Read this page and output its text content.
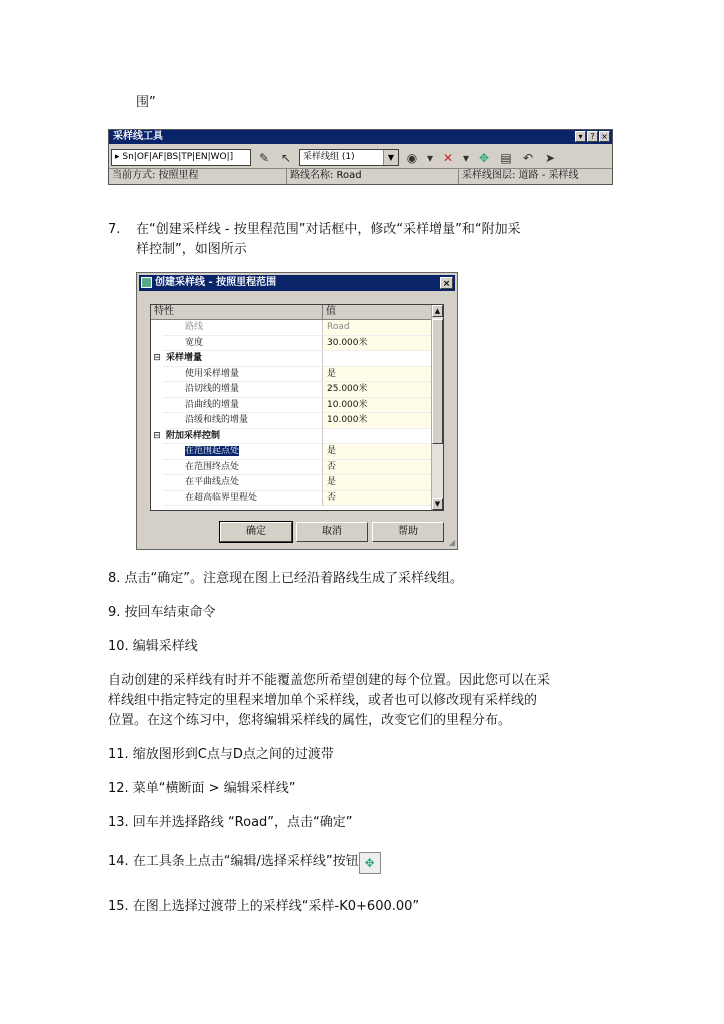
围”
采样线工具	▾ ? ×
▸ Sn|OF|AF|BS|TP|EN|WO|]	✎ ↖	采样线组 (1)	▼	◉ ▾ ✕ ▾ ✥ ▤ ↶ ➤
当前方式: 按照里程	路线名称: Road	采样线图层: 道路 - 采样线
7. 在“创建采样线 - 按里程范围”对话框中，修改“采样增量”和“附加采
样控制”，如图所示
创建采样线 - 按照里程范围	×
特性	值
路线	Road
宽度	30.000米
⊟ 采样增量
使用采样增量	是
沿切线的增量	25.000米
沿曲线的增量	10.000米
沿缓和线的增量	10.000米
⊟ 附加采样控制
在范围起点处	是
在范围终点处	否
在平曲线点处	是
在超高临界里程处	否
▲
▼
确定	取消	帮助
◢
8. 点击“确定”。注意现在图上已经沿着路线生成了采样线组。
9. 按回车结束命令
10. 编辑采样线
自动创建的采样线有时并不能覆盖您所希望创建的每个位置。因此您可以在采
样线组中指定特定的里程来增加单个采样线，或者也可以修改现有采样线的
位置。在这个练习中，您将编辑采样线的属性，改变它们的里程分布。
11. 缩放图形到C点与D点之间的过渡带
12. 菜单“横断面 > 编辑采样线”
13. 回车并选择路线 “Road”，点击“确定”
14. 在工具条上点击“编辑/选择采样线”按钮 ✥
15. 在图上选择过渡带上的采样线“采样-K0+600.00”
